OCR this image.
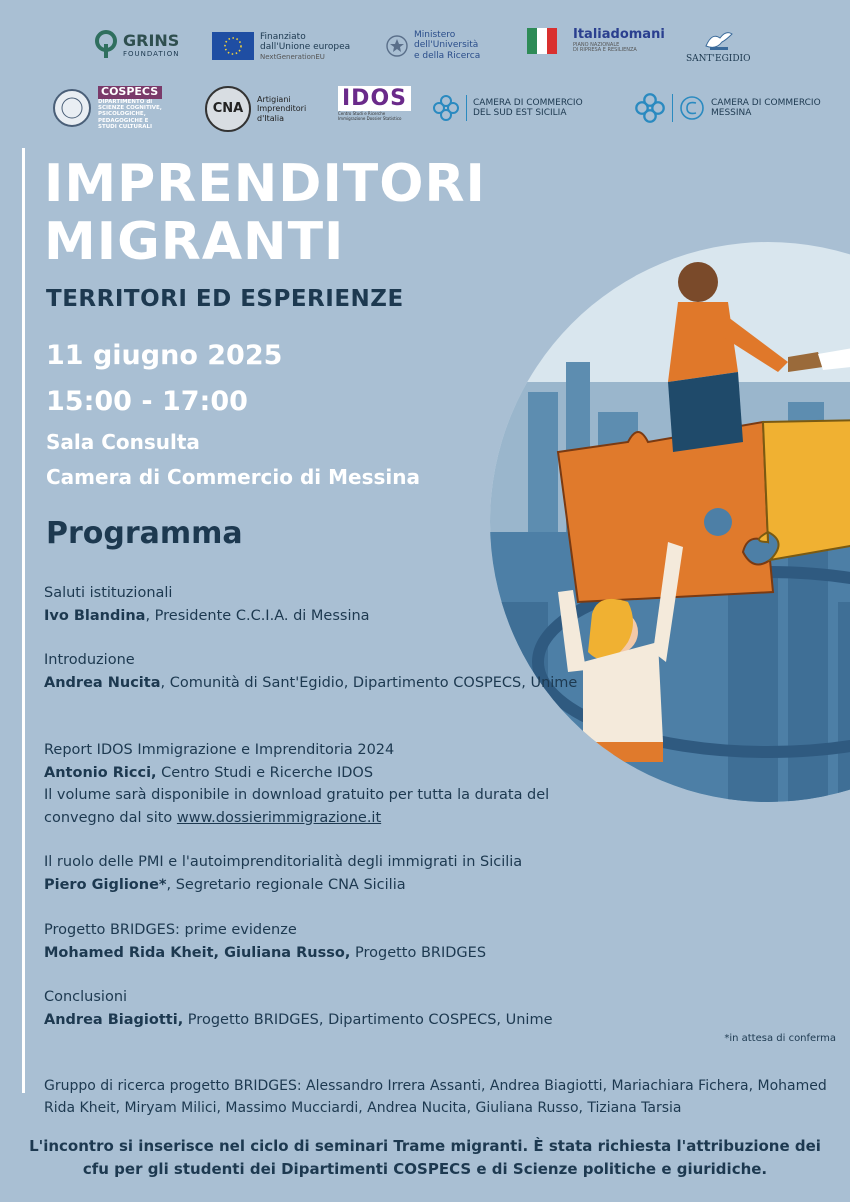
GRINS
FOUNDATION
Finanziato
dall'Unione europea
NextGenerationEU
Ministero
dell'Università
e della Ricerca
Italiadomani
PIANO NAZIONALE
DI RIPRESA E RESILIENZA
SANT'EGIDIO
COSPECS
DIPARTIMENTO di
SCIENZE COGNITIVE,
PSICOLOGICHE,
PEDAGOGICHE E
STUDI CULTURALI
CNA
Artigiani
Imprenditori
d'Italia
IDOS
Centro Studi e Ricerche
Immigrazione Dossier Statistico
CAMERA DI COMMERCIO
DEL SUD EST SICILIA
CAMERA DI COMMERCIO
MESSINA
IMPRENDITORI
MIGRANTI
TERRITORI ED ESPERIENZE
11 giugno 2025
15:00 - 17:00
Sala Consulta
Camera di Commercio di Messina
Programma
Saluti istituzionali
Ivo Blandina, Presidente C.C.I.A. di Messina
Introduzione
Andrea Nucita, Comunità di Sant'Egidio, Dipartimento COSPECS, Unime
Report IDOS Immigrazione e Imprenditoria 2024
Antonio Ricci, Centro Studi e Ricerche IDOS
Il volume sarà disponibile in download gratuito per tutta la durata del convegno dal sito www.dossierimmigrazione.it
Il ruolo delle PMI e l'autoimprenditorialità degli immigrati in Sicilia
Piero Giglione*, Segretario regionale CNA Sicilia
Progetto BRIDGES: prime evidenze
Mohamed Rida Kheit, Giuliana Russo, Progetto BRIDGES
Conclusioni
Andrea Biagiotti, Progetto BRIDGES, Dipartimento COSPECS, Unime
*in attesa di conferma
Gruppo di ricerca progetto BRIDGES: Alessandro Irrera Assanti, Andrea Biagiotti, Mariachiara Fichera, Mohamed Rida Kheit, Miryam Milici, Massimo Mucciardi, Andrea Nucita, Giuliana Russo, Tiziana Tarsia
L'incontro si inserisce nel ciclo di seminari Trame migranti. È stata richiesta l'attribuzione dei cfu per gli studenti dei Dipartimenti COSPECS e di Scienze politiche e giuridiche.
